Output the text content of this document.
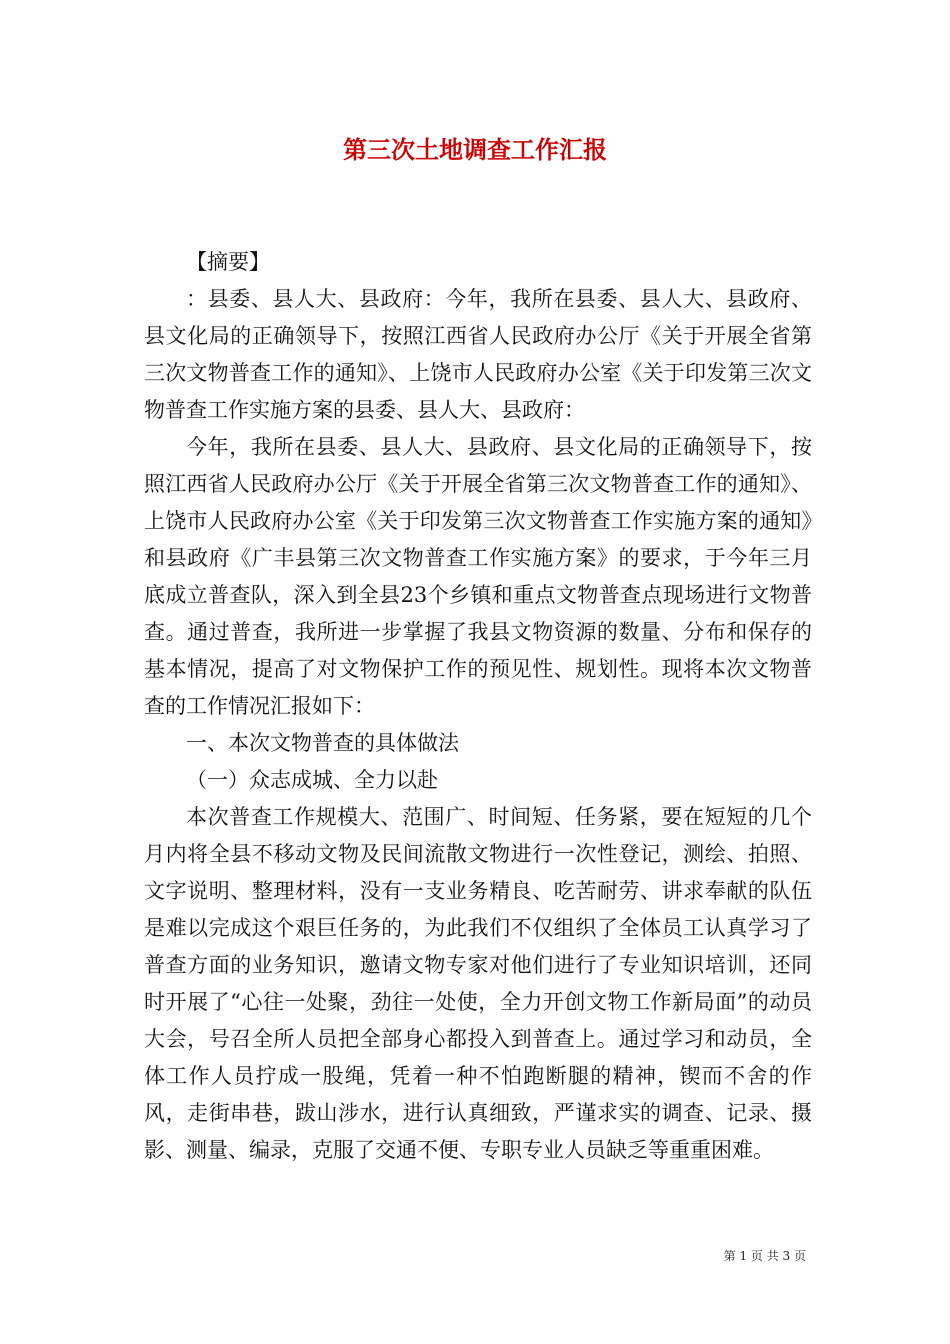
第三次土地调查工作汇报

【摘要】

：县委、县人大、县政府：今年，我所在县委、县人大、县政府、县文化局的正确领导下，按照江西省人民政府办公厅《关于开展全省第三次文物普查工作的通知》、上饶市人民政府办公室《关于印发第三次文物普查工作实施方案的县委、县人大、县政府：

今年，我所在县委、县人大、县政府、县文化局的正确领导下，按照江西省人民政府办公厅《关于开展全省第三次文物普查工作的通知》、上饶市人民政府办公室《关于印发第三次文物普查工作实施方案的通知》和县政府《广丰县第三次文物普查工作实施方案》的要求，于今年三月底成立普查队，深入到全县23个乡镇和重点文物普查点现场进行文物普查。通过普查，我所进一步掌握了我县文物资源的数量、分布和保存的基本情况，提高了对文物保护工作的预见性、规划性。现将本次文物普查的工作情况汇报如下：

一、本次文物普查的具体做法

（一）众志成城、全力以赴

本次普查工作规模大、范围广、时间短、任务紧，要在短短的几个月内将全县不移动文物及民间流散文物进行一次性登记，测绘、拍照、文字说明、整理材料，没有一支业务精良、吃苦耐劳、讲求奉献的队伍是难以完成这个艰巨任务的，为此我们不仅组织了全体员工认真学习了普查方面的业务知识，邀请文物专家对他们进行了专业知识培训，还同时开展了“心往一处聚，劲往一处使，全力开创文物工作新局面”的动员大会，号召全所人员把全部身心都投入到普查上。通过学习和动员，全体工作人员拧成一股绳，凭着一种不怕跑断腿的精神，锲而不舍的作风，走街串巷，跋山涉水，进行认真细致，严谨求实的调查、记录、摄影、测量、编录，克服了交通不便、专职专业人员缺乏等重重困难。

第 1 页 共 3 页
